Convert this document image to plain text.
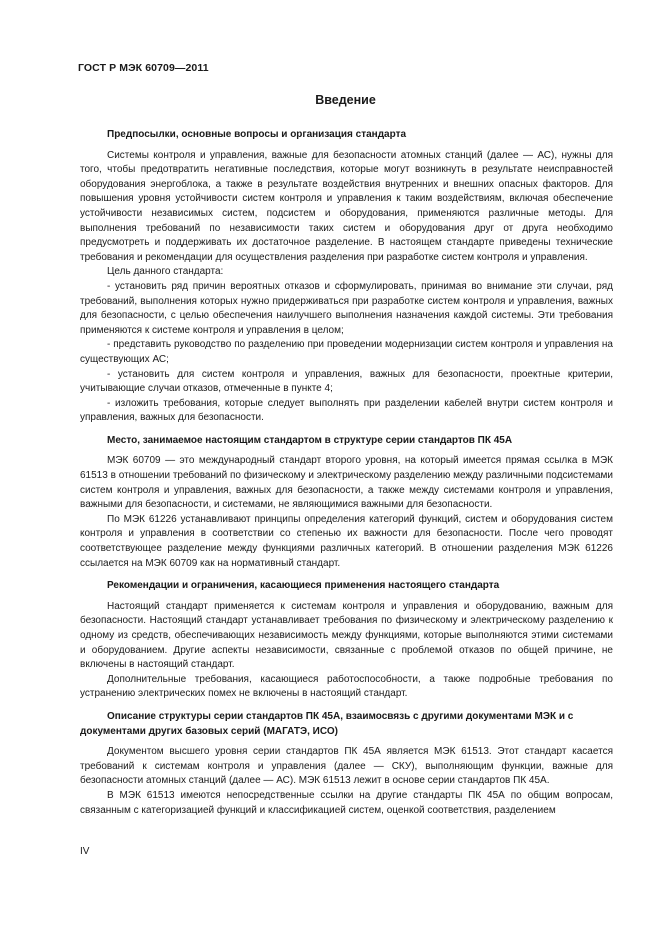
ГОСТ Р МЭК 60709—2011
Введение
Предпосылки, основные вопросы и организация стандарта

Системы контроля и управления, важные для безопасности атомных станций (далее — АС), нужны для того, чтобы предотвратить негативные последствия, которые могут возникнуть в результате неисправностей оборудования энергоблока, а также в результате воздействия внутренних и внешних опасных факторов. Для повышения уровня устойчивости систем контроля и управления к таким воздействиям, включая обеспечение устойчивости независимых систем, подсистем и оборудования, применяются различные методы. Для выполнения требований по независимости таких систем и оборудования друг от друга необходимо предусмотреть и поддерживать их достаточное разделение. В настоящем стандарте приведены технические требования и рекомендации для осуществления разделения при разработке систем контроля и управления.

Цель данного стандарта:

- установить ряд причин вероятных отказов и сформулировать, принимая во внимание эти случаи, ряд требований, выполнения которых нужно придерживаться при разработке систем контроля и управления, важных для безопасности, с целью обеспечения наилучшего выполнения назначения каждой системы. Эти требования применяются к системе контроля и управления в целом;

- представить руководство по разделению при проведении модернизации систем контроля и управления на существующих АС;

- установить для систем контроля и управления, важных для безопасности, проектные критерии, учитывающие случаи отказов, отмеченные в пункте 4;

- изложить требования, которые следует выполнять при разделении кабелей внутри систем контроля и управления, важных для безопасности.

Место, занимаемое настоящим стандартом в структуре серии стандартов ПК 45А

МЭК 60709 — это международный стандарт второго уровня, на который имеется прямая ссылка в МЭК 61513 в отношении требований по физическому и электрическому разделению между различными подсистемами систем контроля и управления, важных для безопасности, а также между системами контроля и управления, важными для безопасности, и системами, не являющимися важными для безопасности.

По МЭК 61226 устанавливают принципы определения категорий функций, систем и оборудования систем контроля и управления в соответствии со степенью их важности для безопасности. После чего проводят соответствующее разделение между функциями различных категорий. В отношении разделения МЭК 61226 ссылается на МЭК 60709 как на нормативный стандарт.

Рекомендации и ограничения, касающиеся применения настоящего стандарта

Настоящий стандарт применяется к системам контроля и управления и оборудованию, важным для безопасности. Настоящий стандарт устанавливает требования по физическому и электрическому разделению к одному из средств, обеспечивающих независимость между функциями, которые выполняются этими системами и оборудованием. Другие аспекты независимости, связанные с проблемой отказов по общей причине, не включены в настоящий стандарт.

Дополнительные требования, касающиеся работоспособности, а также подробные требования по устранению электрических помех не включены в настоящий стандарт.

Описание структуры серии стандартов ПК 45А, взаимосвязь с другими документами МЭК и с документами других базовых серий (МАГАТЭ, ИСО)

Документом высшего уровня серии стандартов ПК 45А является МЭК 61513. Этот стандарт касается требований к системам контроля и управления (далее — СКУ), выполняющим функции, важные для безопасности атомных станций (далее — АС). МЭК 61513 лежит в основе серии стандартов ПК 45А.

В МЭК 61513 имеются непосредственные ссылки на другие стандарты ПК 45А по общим вопросам, связанным с категоризацией функций и классификацией систем, оценкой соответствия, разделением

IV
